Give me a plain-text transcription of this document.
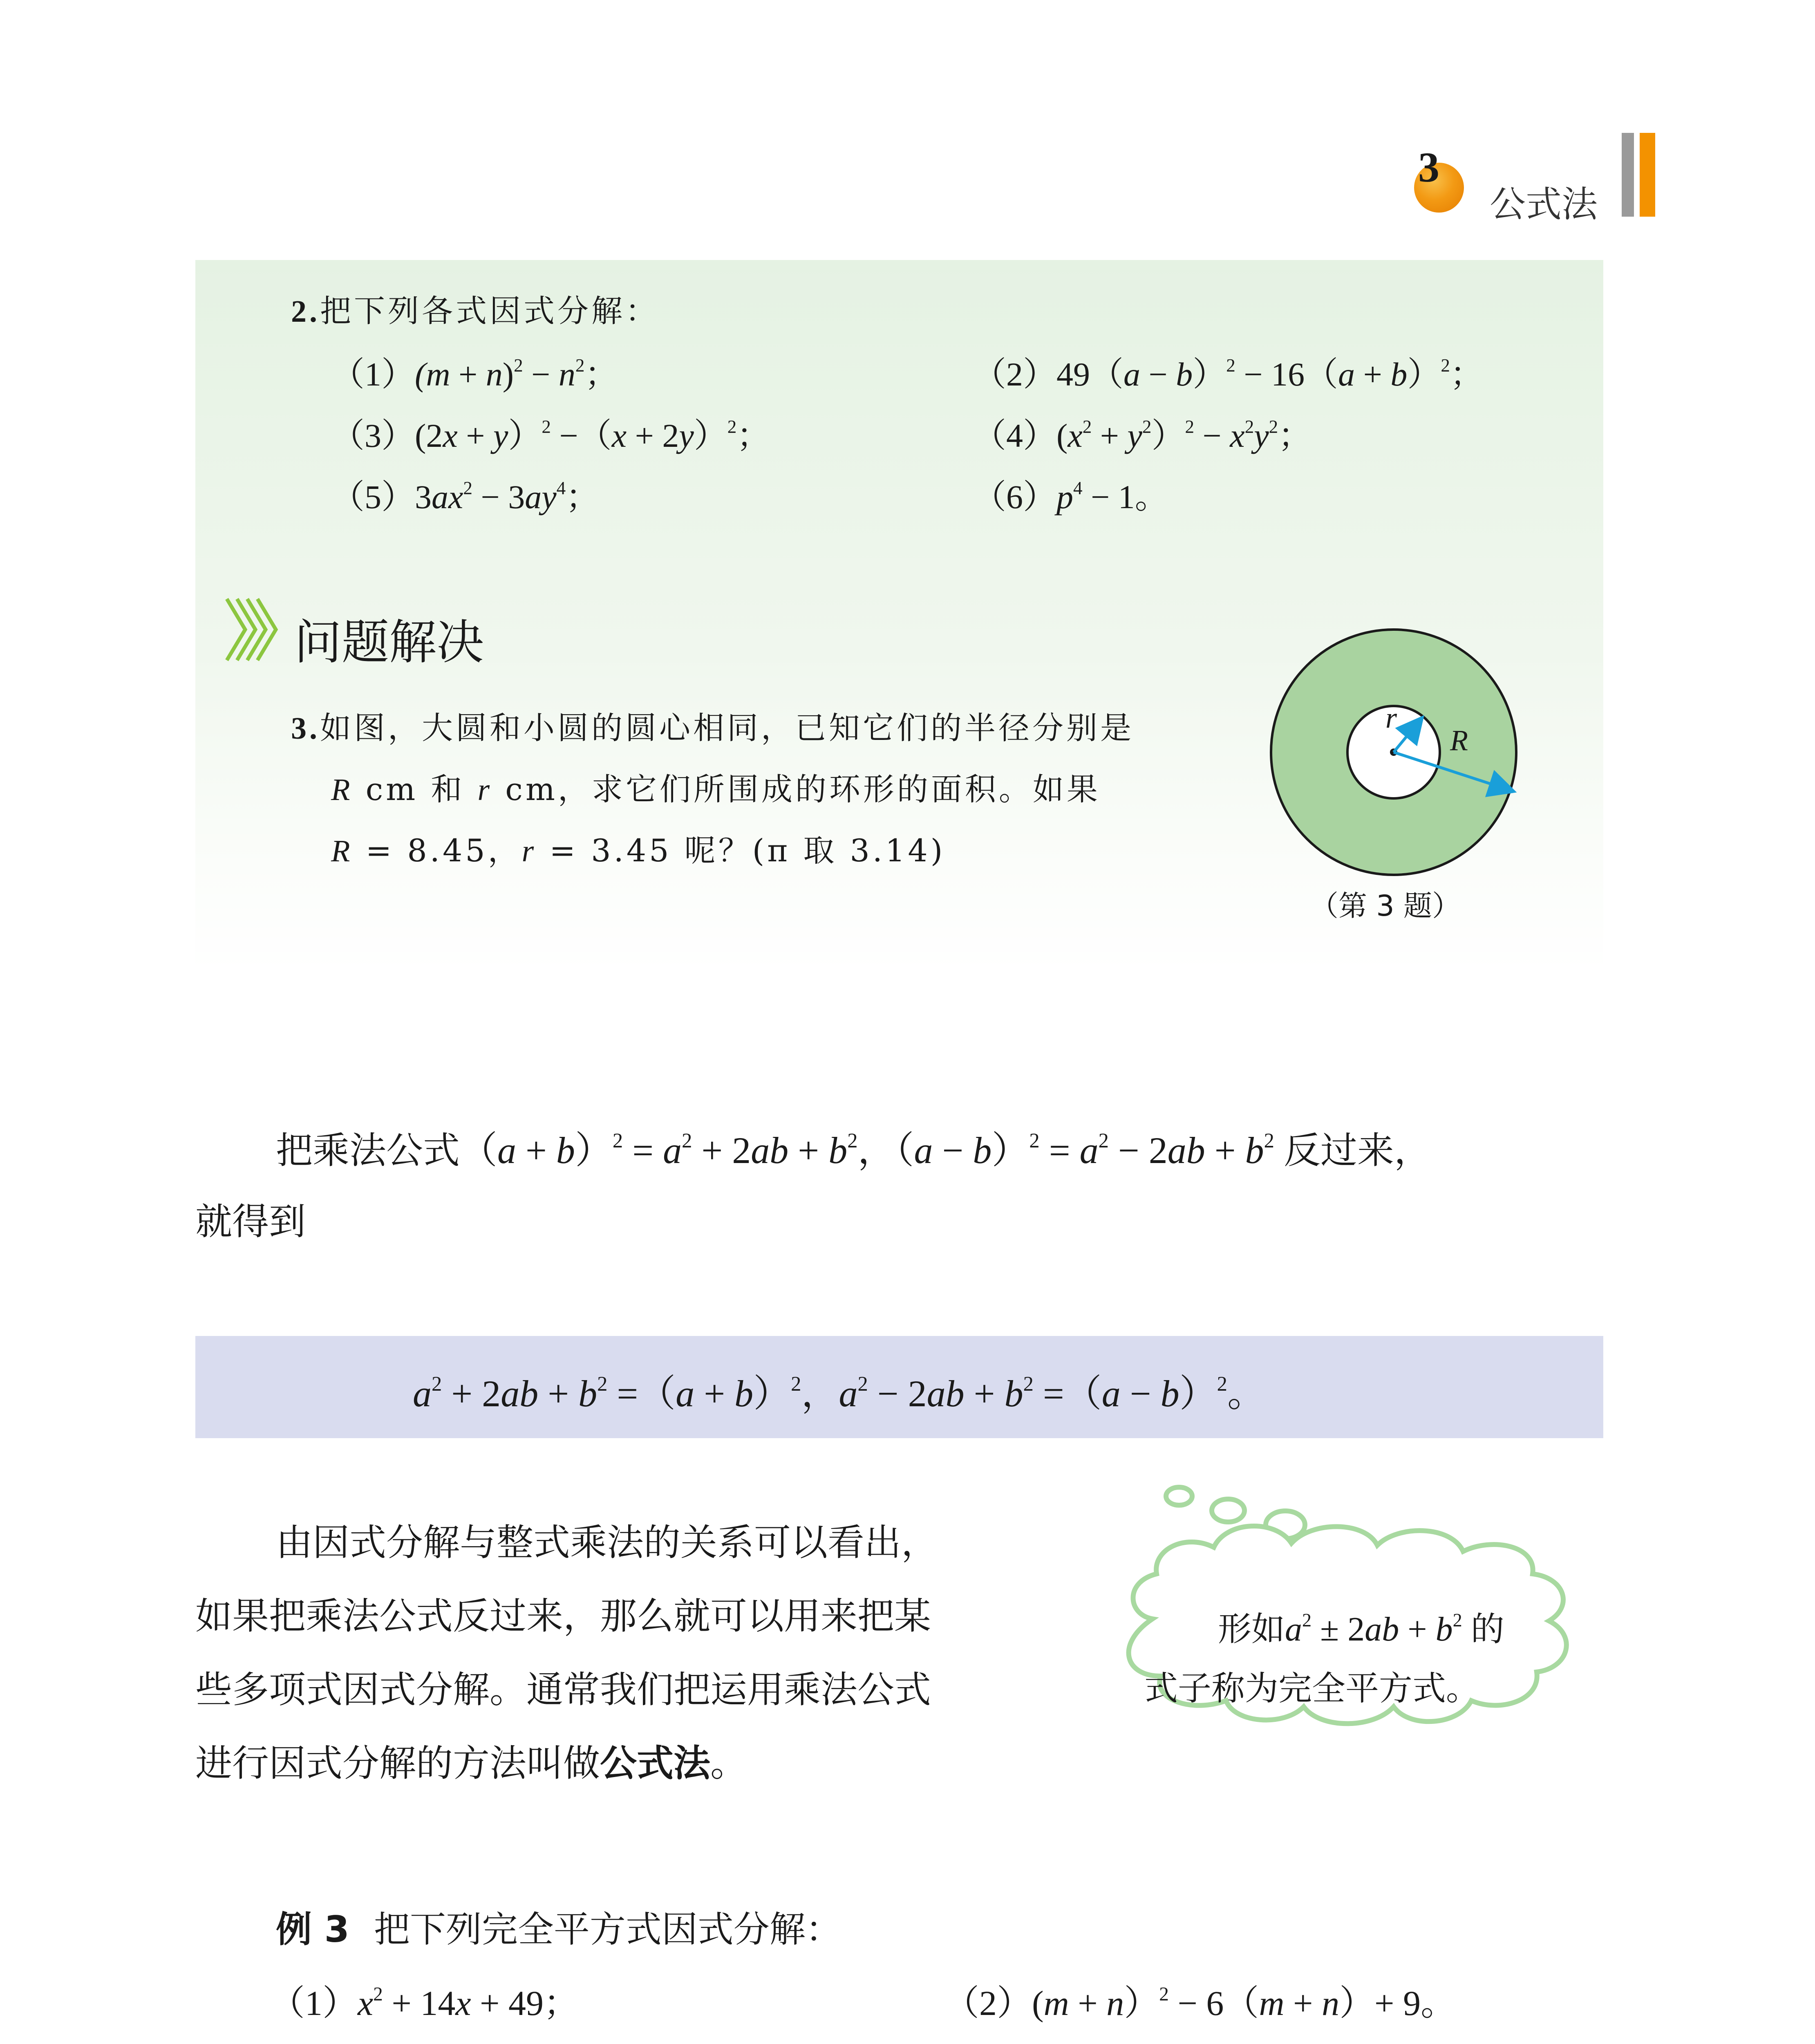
3
公式法
2.把下列各式因式分解：
$(1)(m + n)^2 - n^2$；	$(2)49(a - b)^2 - 16(a + b)^2$；
$(3)(2x + y)^2 -(x + 2y)^2$；	$(4)(x^2 + y^2)^2 - x^2y^2$；
$(5)3ax^2 - 3ay^4$；	$(6)p^4 - 1$。
问题解决
3.如图，大圆和小圆的圆心相同，已知它们的半径分别是
R cm 和 r cm，求它们所围成的环形的面积。如果
R = 8.45，r = 3.45 呢？(π 取 3.14)
r
R
（第 3 题）
把乘法公式$(a + b)^2 = a^2 + 2ab + b^2$，$(a - b)^2 = a^2 - 2ab + b^2$ 反过来，
就得到
$a^2 + 2ab + b^2 =(a + b)^2$，$a^2 - 2ab + b^2 =(a - b)^2$。
由因式分解与整式乘法的关系可以看出，
如果把乘法公式反过来，那么就可以用来把某
些多项式因式分解。通常我们把运用乘法公式
进行因式分解的方法叫做公式法。
形如$a^2 \pm 2ab + b^2$ 的
式子称为完全平方式。
例 3 把下列完全平方式因式分解：
$(1)x^2 + 14x + 49$；	（2）(m + n）$^2$ − 6（m + n）+ 9。
